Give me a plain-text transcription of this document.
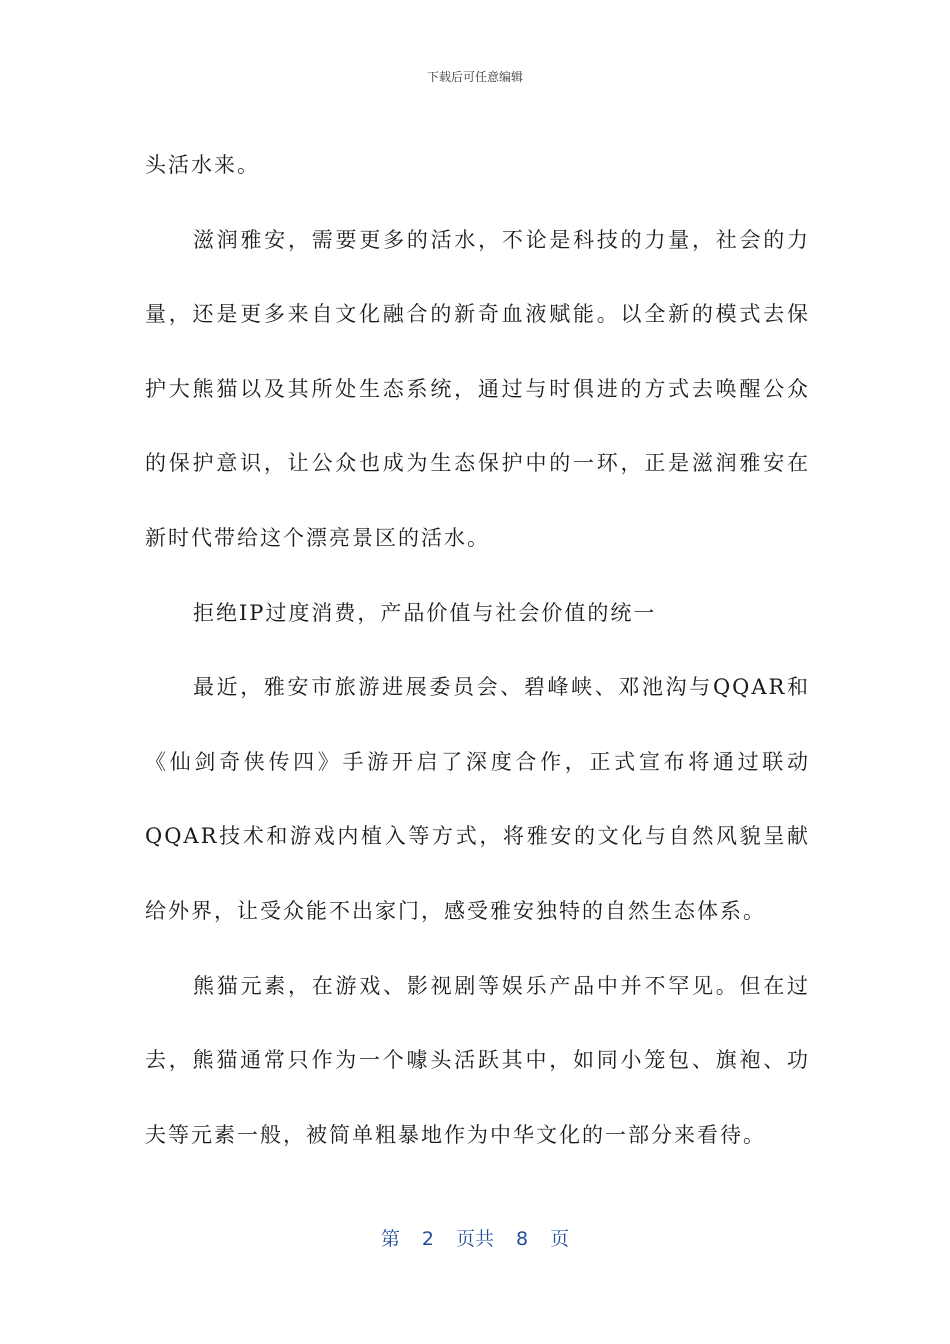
下载后可任意编辑

头活水来。

滋润雅安，需要更多的活水，不论是科技的力量，社会的力量，还是更多来自文化融合的新奇血液赋能。以全新的模式去保护大熊猫以及其所处生态系统，通过与时俱进的方式去唤醒公众的保护意识，让公众也成为生态保护中的一环，正是滋润雅安在新时代带给这个漂亮景区的活水。

拒绝IP过度消费，产品价值与社会价值的统一

最近，雅安市旅游进展委员会、碧峰峡、邓池沟与QQAR和《仙剑奇侠传四》手游开启了深度合作，正式宣布将通过联动QQAR技术和游戏内植入等方式，将雅安的文化与自然风貌呈献给外界，让受众能不出家门，感受雅安独特的自然生态体系。

熊猫元素，在游戏、影视剧等娱乐产品中并不罕见。但在过去，熊猫通常只作为一个噱头活跃其中，如同小笼包、旗袍、功夫等元素一般，被简单粗暴地作为中华文化的一部分来看待。

第 2 页共 8 页
